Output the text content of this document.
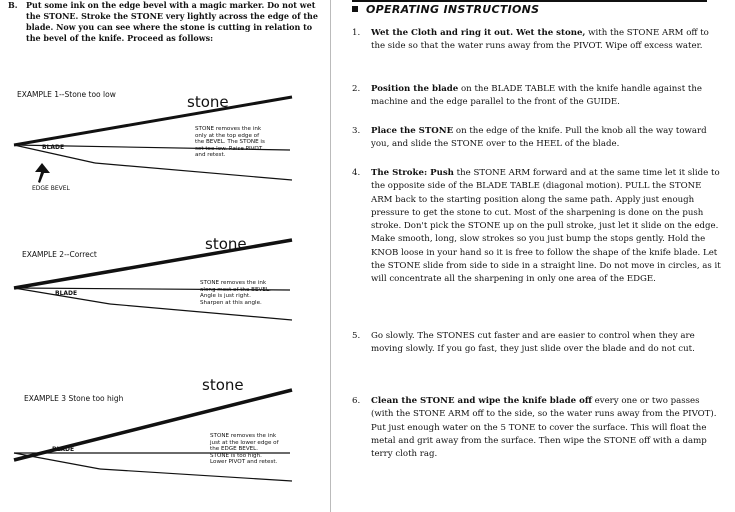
B. Put some ink on the edge bevel with a magic marker. Do not wet the STONE. Stroke the STONE very lightly across the edge of the blade. Now you can see where the stone is cutting in relation to the bevel of the knife. Proceed as follows:
EXAMPLE 1--Stone too low	stone
BLADE
EDGE BEVEL
STONE removes the ink
only at the top edge of
the BEVEL. The STONE is
set too low. Raise PIVOT
and retest.
EXAMPLE 2--Correct
stone
BLADE
STONE removes the ink
along most of the BEVEL.
Angle is just right.
Sharpen at this angle.
EXAMPLE 3 Stone too high
stone
BLADE
STONE removes the ink
just at the lower edge of
the EDGE BEVEL.
STONE is too high.
Lower PIVOT and retest.
OPERATING INSTRUCTIONS
1. Wet the Cloth and ring it out. Wet the stone, with the STONE ARM off to the side so that the water runs away from the PIVOT. Wipe off excess water.
2. Position the blade on the BLADE TABLE with the knife handle against the machine and the edge parallel to the front of the GUIDE.
3. Place the STONE on the edge of the knife. Pull the knob all the way toward you, and slide the STONE over to the HEEL of the blade.
4. The Stroke: Push the STONE ARM forward and at the same time let it slide to the opposite side of the BLADE TABLE (diagonal motion). PULL the STONE ARM back to the starting position along the same path. Apply just enough pressure to get the stone to cut. Most of the sharpening is done on the push stroke. Don't pick the STONE up on the pull stroke, just let it slide on the edge. Make smooth, long, slow strokes so you just bump the stops gently. Hold the KNOB loose in your hand so it is free to follow the shape of the knife blade. Let the STONE slide from side to side in a straight line. Do not move in circles, as it will concentrate all the sharpening in only one area of the EDGE.
5. Go slowly. The STONES cut faster and are easier to control when they are moving slowly. If you go fast, they just slide over the blade and do not cut.
6. Clean the STONE and wipe the knife blade off every one or two passes (with the STONE ARM off to the side, so the water runs away from the PIVOT). Put just enough water on the 5 TONE to cover the surface. This will float the metal and grit away from the surface. Then wipe the STONE off with a damp terry cloth rag.
